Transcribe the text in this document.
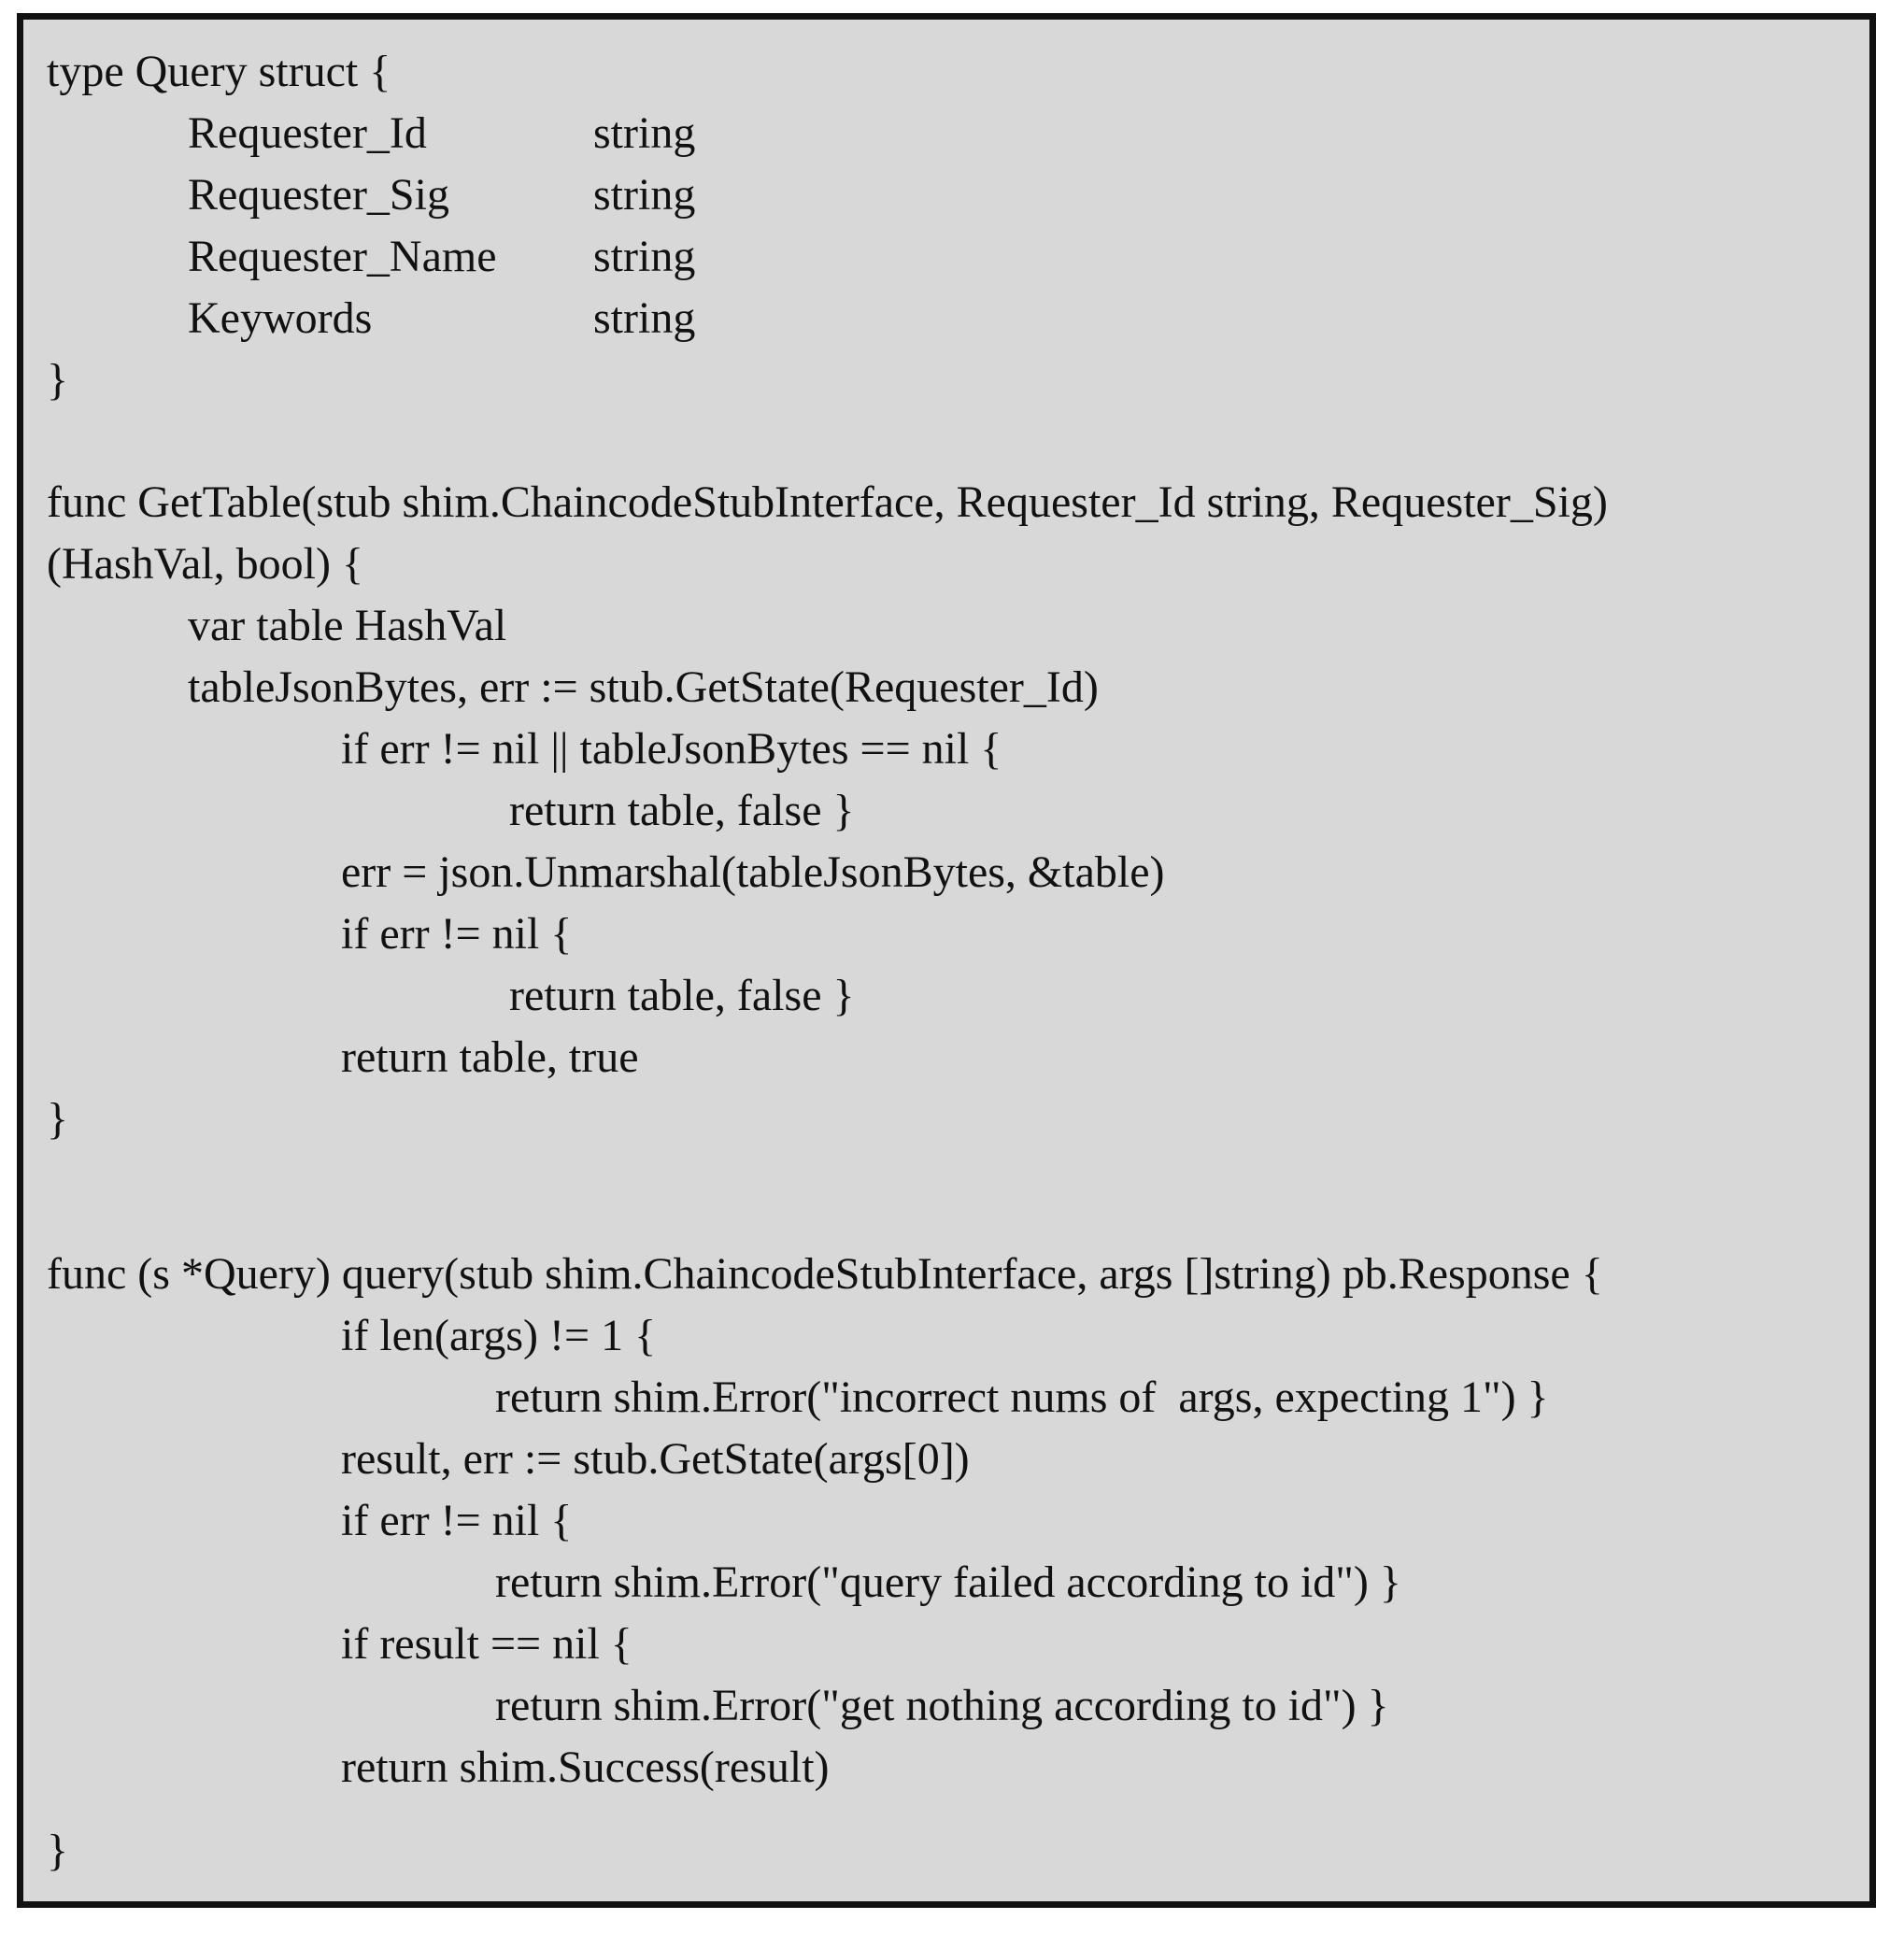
type Query struct {
Requester_Id	string
Requester_Sig	string
Requester_Name string
Keywords	string
}
func GetTable(stub shim.ChaincodeStubInterface, Requester_Id string, Requester_Sig)
(HashVal, bool) {
var table HashVal
tableJsonBytes, err := stub.GetState(Requester_Id)
if err != nil || tableJsonBytes == nil {
return table, false }
err = json.Unmarshal(tableJsonBytes, &table)
if err != nil {
return table, false }
return table, true
}
func (s *Query) query(stub shim.ChaincodeStubInterface, args []string) pb.Response {
if len(args) != 1 {
return shim.Error("incorrect nums of  args, expecting 1") }
result, err := stub.GetState(args[0])
if err != nil {
return shim.Error("query failed according to id") }
if result == nil {
return shim.Error("get nothing according to id") }
return shim.Success(result)
}
